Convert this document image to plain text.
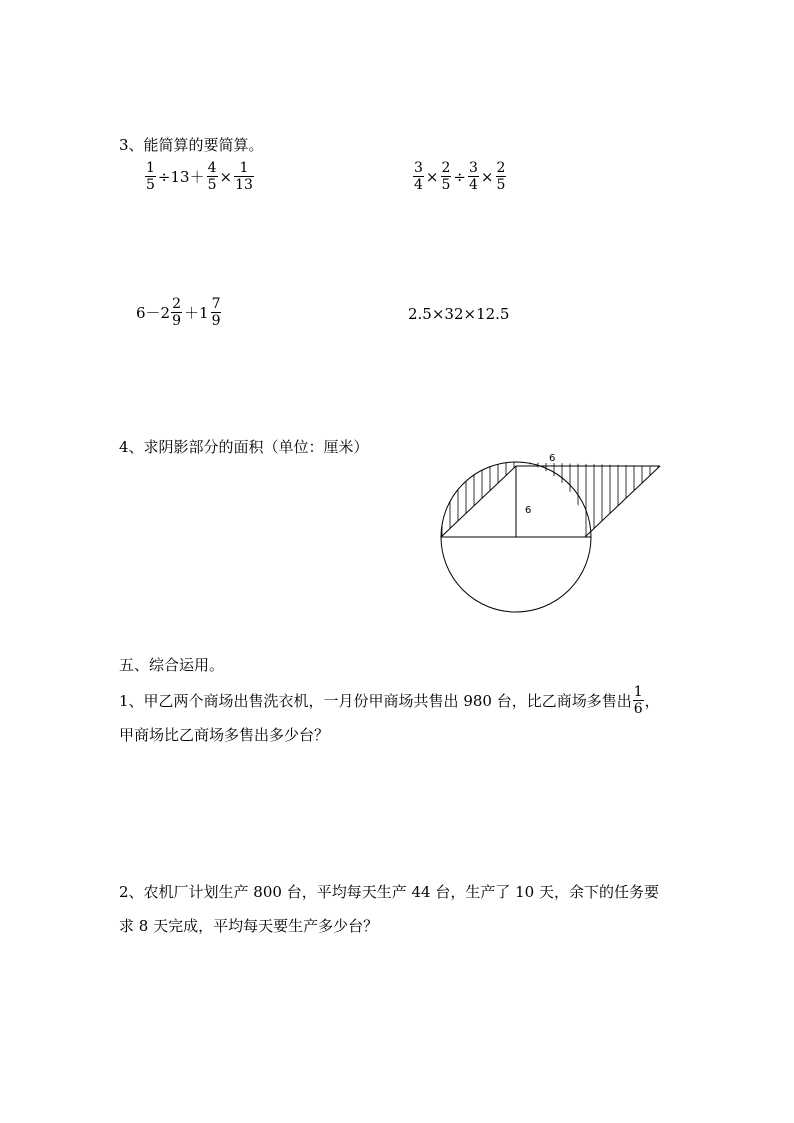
3、能简算的要简算。
$\frac{1}{5} \div 13+ \frac{4}{5} \times \frac{1}{13}$	$\frac{3}{4} \times \frac{2}{5} \div \frac{3}{4} \times \frac{2}{5}$
$6-2 \frac{2}{9} +1 \frac{7}{9}$	2.5×32×12.5
4、求阴影部分的面积（单位：厘米）
6
6
五、综合运用。
1、甲乙两个商场出售洗衣机，一月份甲商场共售出 980 台，比乙商场多售出 $\frac{1}{6}$ ，
甲商场比乙商场多售出多少台？
2、农机厂计划生产 800 台，平均每天生产 44 台，生产了 10 天，余下的任务要
求 8 天完成，平均每天要生产多少台？
